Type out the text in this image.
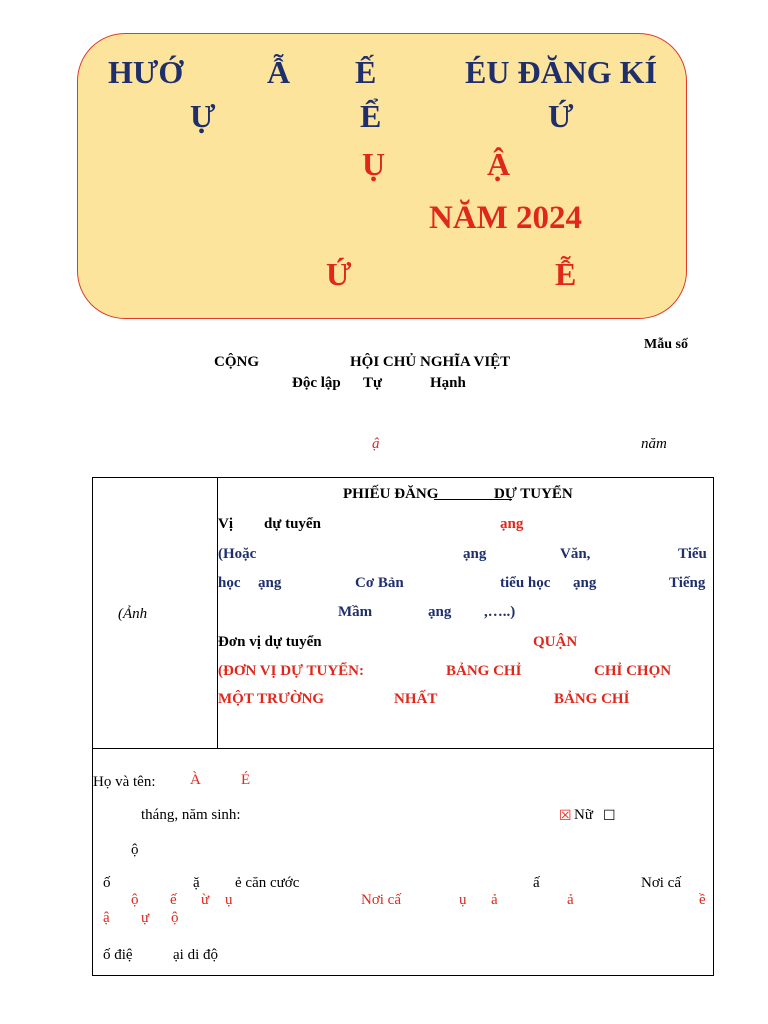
HƯỚ	Ẫ Ế	ÉU ĐĂNG KÍ
Ự	Ể	Ứ
Ụ	Ậ
NĂM 2024
Ứ	Ễ
Mẫu số
CỘNG	HỘI CHỦ NGHĨA VIỆT
Độc lập Tự	Hạnh
ậ	năm
(Ảnh

PHIẾU ĐĂNG	DỰ TUYỂN
Vị dự tuyển	ạng
(Hoặc	ạng	Văn,	Tiểu
học ạng	Cơ Bản	tiểu học ạng	Tiếng
Mầm	ạng ,…..)
Đơn vị dự tuyển	QUẬN
(ĐƠN VỊ DỰ TUYỂN:	BẢNG CHỈ	CHỈ CHỌN
MỘT TRƯỜNG	NHẤT	BẢNG CHỈ

Họ và tên: À	É
tháng, năm sinh:	☒ Nữ ☐
ộ
ố	ặ ẻ căn cước	ấ	Nơi cấ
ộ ế ừ ụ	Nơi cấ	ụ ả	ả	ề
ậ ự ộ
ố điệ	ại di độ
